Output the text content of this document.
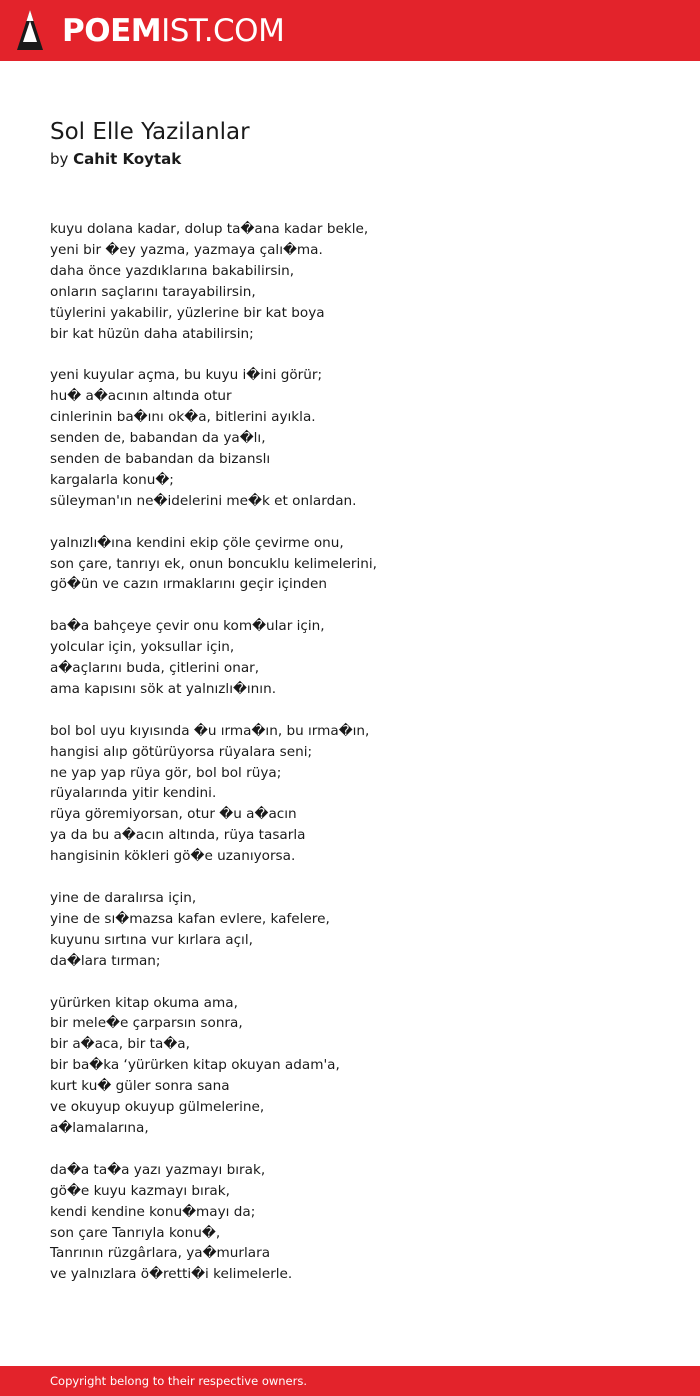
POEMIST.COM
Sol Elle Yazilanlar
by Cahit Koytak
kuyu dolana kadar, dolup ta�ana kadar bekle,
yeni bir �ey yazma, yazmaya çalı�ma.
daha önce yazdıklarına bakabilirsin,
onların saçlarını tarayabilirsin,
tüylerini yakabilir, yüzlerine bir kat boya
bir kat hüzün daha atabilirsin;

yeni kuyular açma, bu kuyu i�ini görür;
hu� a�acının altında otur
cinlerinin ba�ını ok�a, bitlerini ayıkla.
senden de, babandan da ya�lı,
senden de babandan da bizanslı
kargalarla konu�;
süleyman'ın ne�idelerini me�k et onlardan.

yalnızlı�ına kendini ekip çöle çevirme onu,
son çare, tanrıyı ek, onun boncuklu kelimelerini,
gö�ün ve cazın ırmaklarını geçir içinden

ba�a bahçeye çevir onu kom�ular için,
yolcular için, yoksullar için,
a�açlarını buda, çitlerini onar,
ama kapısını sök at yalnızlı�ının.

bol bol uyu kıyısında �u ırma�ın, bu ırma�ın,
hangisi alıp götürüyorsa rüyalara seni;
ne yap yap rüya gör, bol bol rüya;
rüyalarında yitir kendini.
rüya göremiyorsan, otur �u a�acın
ya da bu a�acın altında, rüya tasarla
hangisinin kökleri gö�e uzanıyorsa.

yine de daralırsa için,
yine de sı�mazsa kafan evlere, kafelere,
kuyunu sırtına vur kırlara açıl,
da�lara tırman;

yürürken kitap okuma ama,
bir mele�e çarparsın sonra,
bir a�aca, bir ta�a,
bir ba�ka ‘yürürken kitap okuyan adam'a,
kurt ku� güler sonra sana
ve okuyup okuyup gülmelerine,
a�lamalarına,

da�a ta�a yazı yazmayı bırak,
gö�e kuyu kazmayı bırak,
kendi kendine konu�mayı da;
son çare Tanrıyla konu�,
Tanrının rüzgârlara, ya�murlara
ve yalnızlara ö�retti�i kelimelerle.
Copyright belong to their respective owners.
